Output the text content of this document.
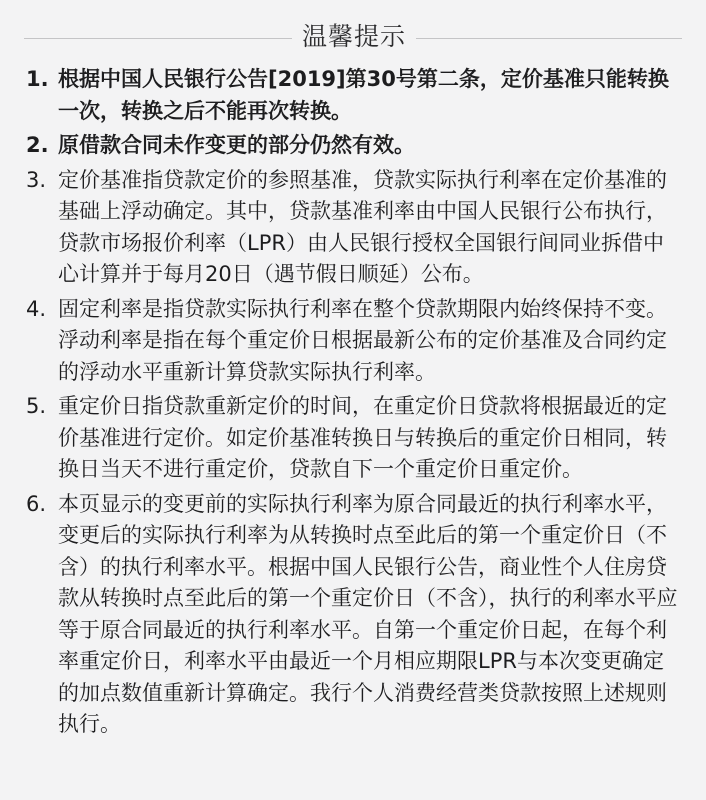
温馨提示
1. 根据中国人民银行公告[2019]第30号第二条，定价基准只能转换一次，转换之后不能再次转换。
2. 原借款合同未作变更的部分仍然有效。
3. 定价基准指贷款定价的参照基准，贷款实际执行利率在定价基准的基础上浮动确定。其中，贷款基准利率由中国人民银行公布执行，贷款市场报价利率（LPR）由人民银行授权全国银行间同业拆借中心计算并于每月20日（遇节假日顺延）公布。
4. 固定利率是指贷款实际执行利率在整个贷款期限内始终保持不变。浮动利率是指在每个重定价日根据最新公布的定价基准及合同约定的浮动水平重新计算贷款实际执行利率。
5. 重定价日指贷款重新定价的时间，在重定价日贷款将根据最近的定价基准进行定价。如定价基准转换日与转换后的重定价日相同，转换日当天不进行重定价，贷款自下一个重定价日重定价。
6. 本页显示的变更前的实际执行利率为原合同最近的执行利率水平，变更后的实际执行利率为从转换时点至此后的第一个重定价日（不含）的执行利率水平。根据中国人民银行公告，商业性个人住房贷款从转换时点至此后的第一个重定价日（不含），执行的利率水平应等于原合同最近的执行利率水平。自第一个重定价日起，在每个利率重定价日，利率水平由最近一个月相应期限LPR与本次变更确定的加点数值重新计算确定。我行个人消费经营类贷款按照上述规则执行。
